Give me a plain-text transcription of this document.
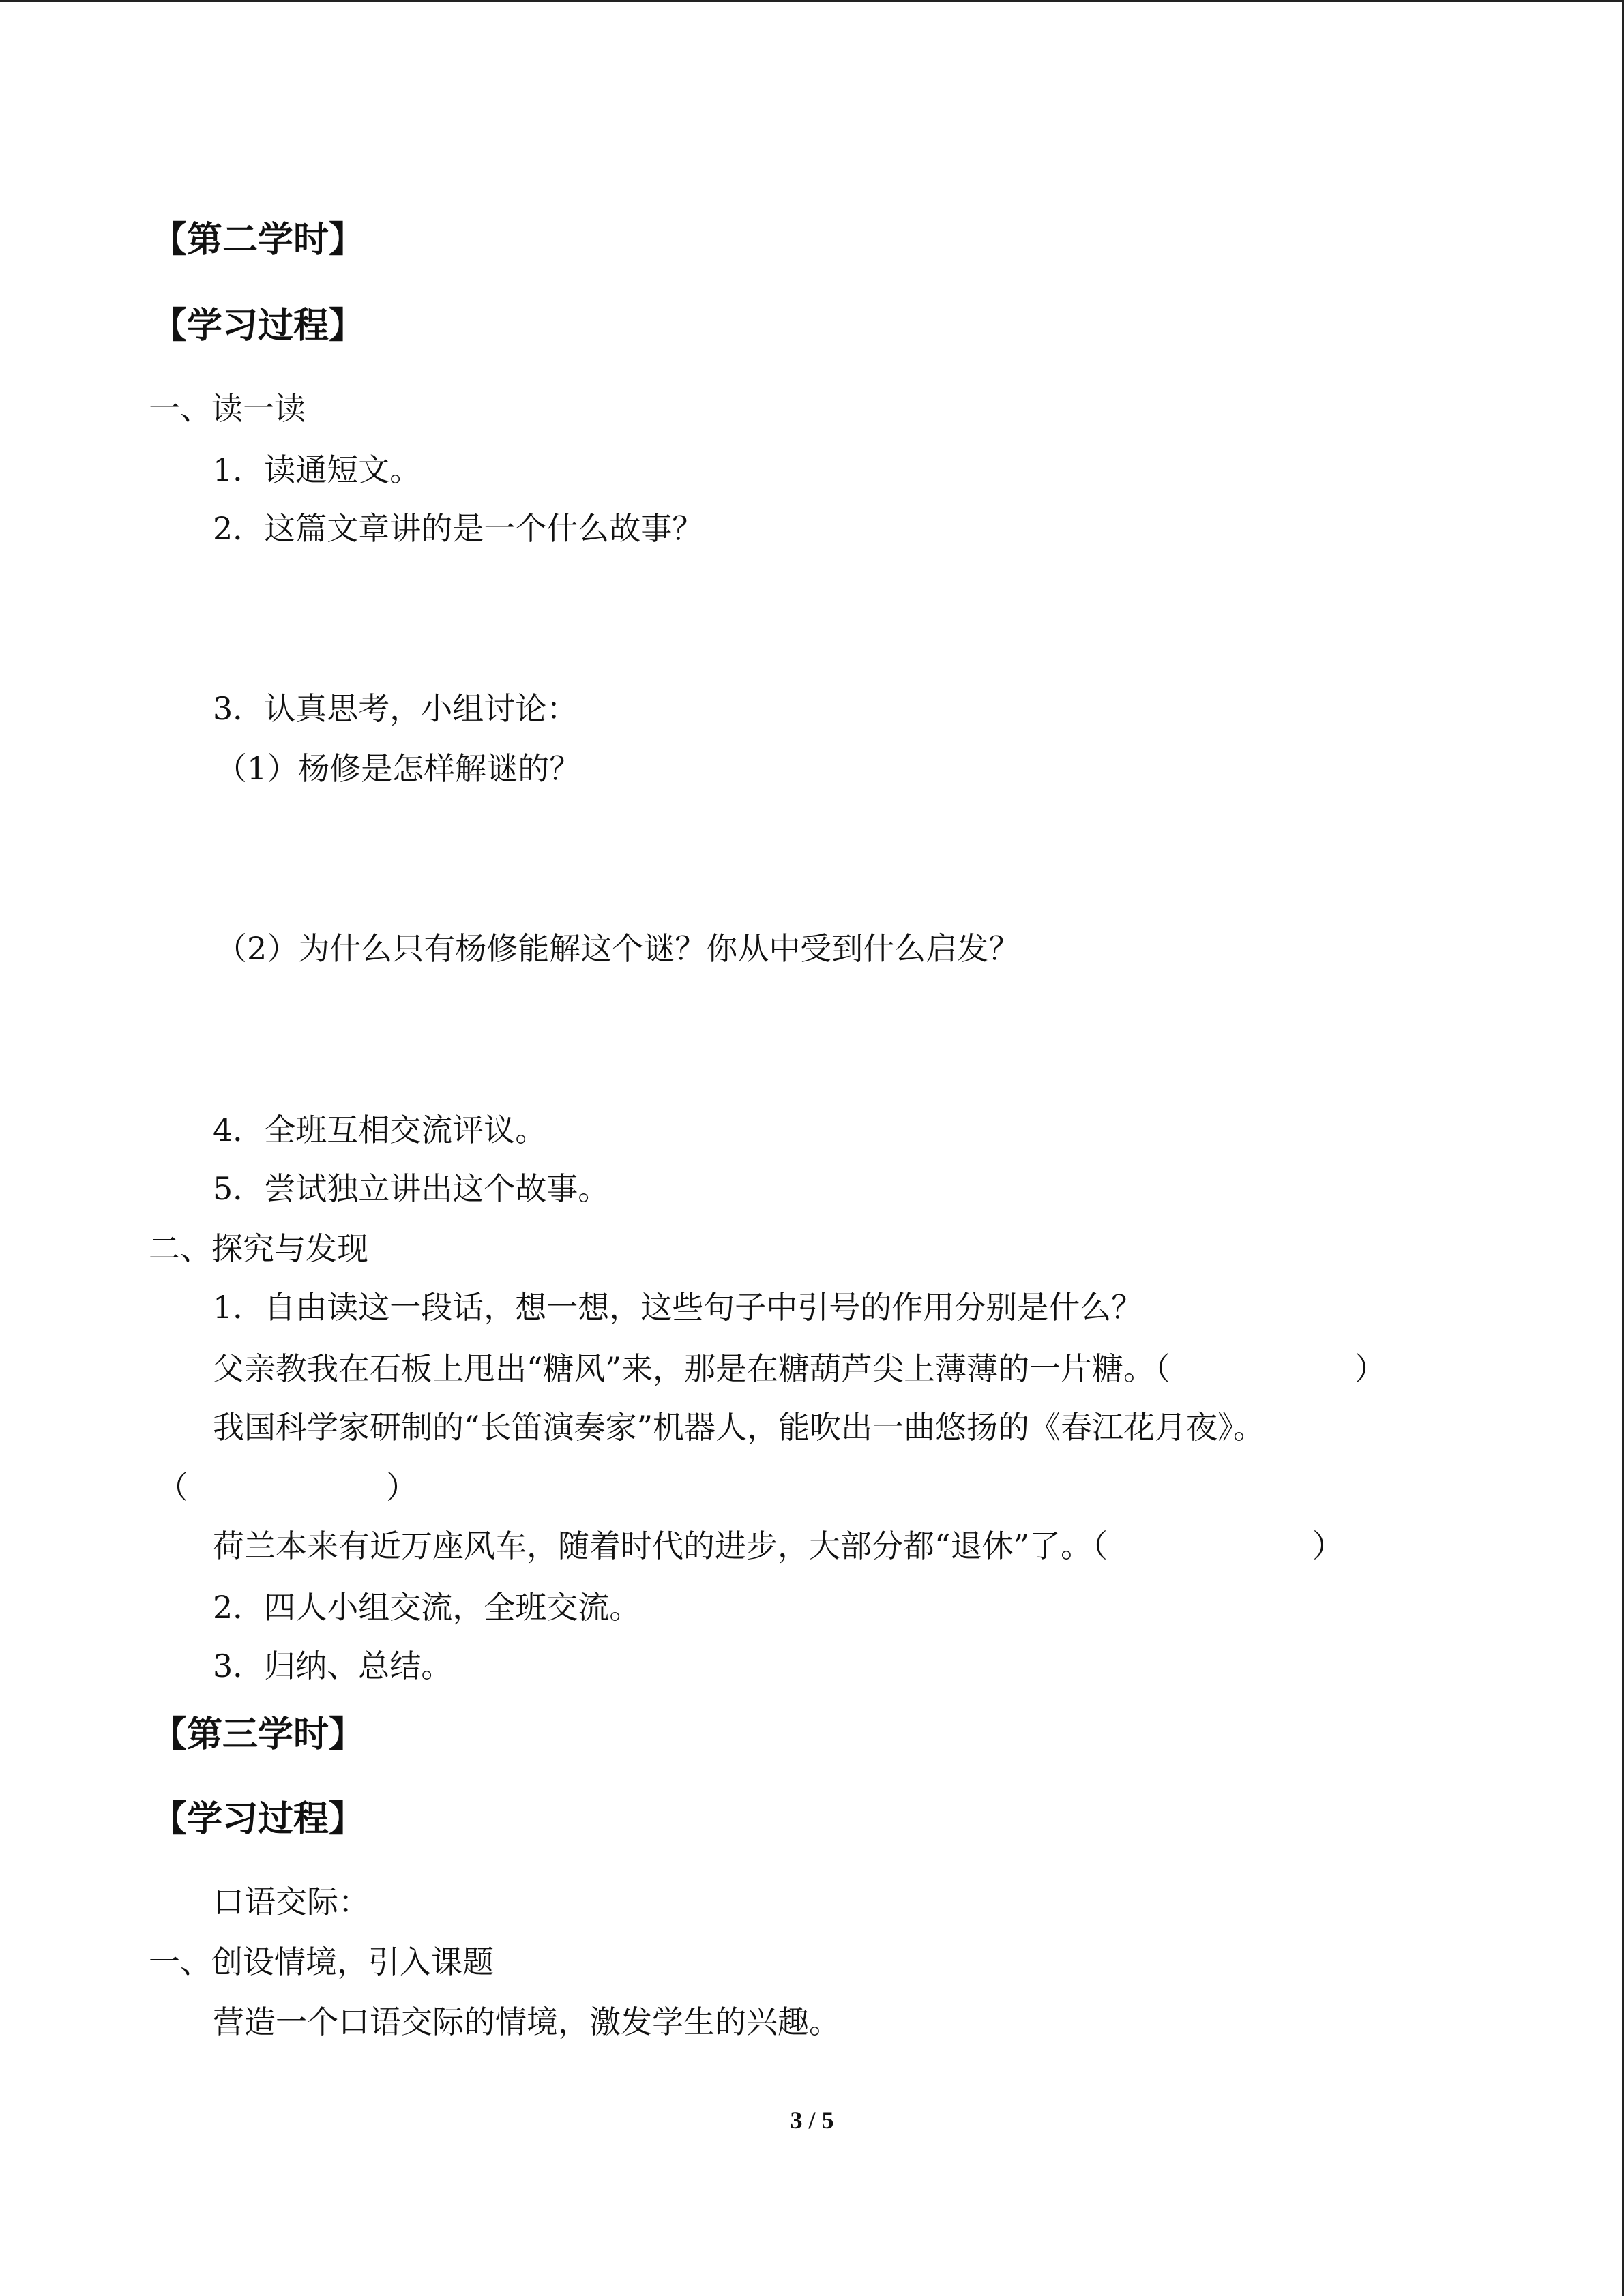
【第二学时】
【学习过程】
一、读一读
1．读通短文。
2．这篇文章讲的是一个什么故事？
3．认真思考，小组讨论：
（1）杨修是怎样解谜的？
（2）为什么只有杨修能解这个谜？你从中受到什么启发？
4．全班互相交流评议。
5．尝试独立讲出这个故事。
二、探究与发现
1．自由读这一段话，想一想，这些句子中引号的作用分别是什么？
父亲教我在石板上甩出“糖风”来，那是在糖葫芦尖上薄薄的一片糖。（	）
我国科学家研制的“长笛演奏家”机器人，能吹出一曲悠扬的《春江花月夜》。
（	）
荷兰本来有近万座风车，随着时代的进步，大部分都“退休”了。（	）
2．四人小组交流，全班交流。
3．归纳、总结。
【第三学时】
【学习过程】
口语交际：
一、创设情境，引入课题
营造一个口语交际的情境，激发学生的兴趣。
3 / 5
